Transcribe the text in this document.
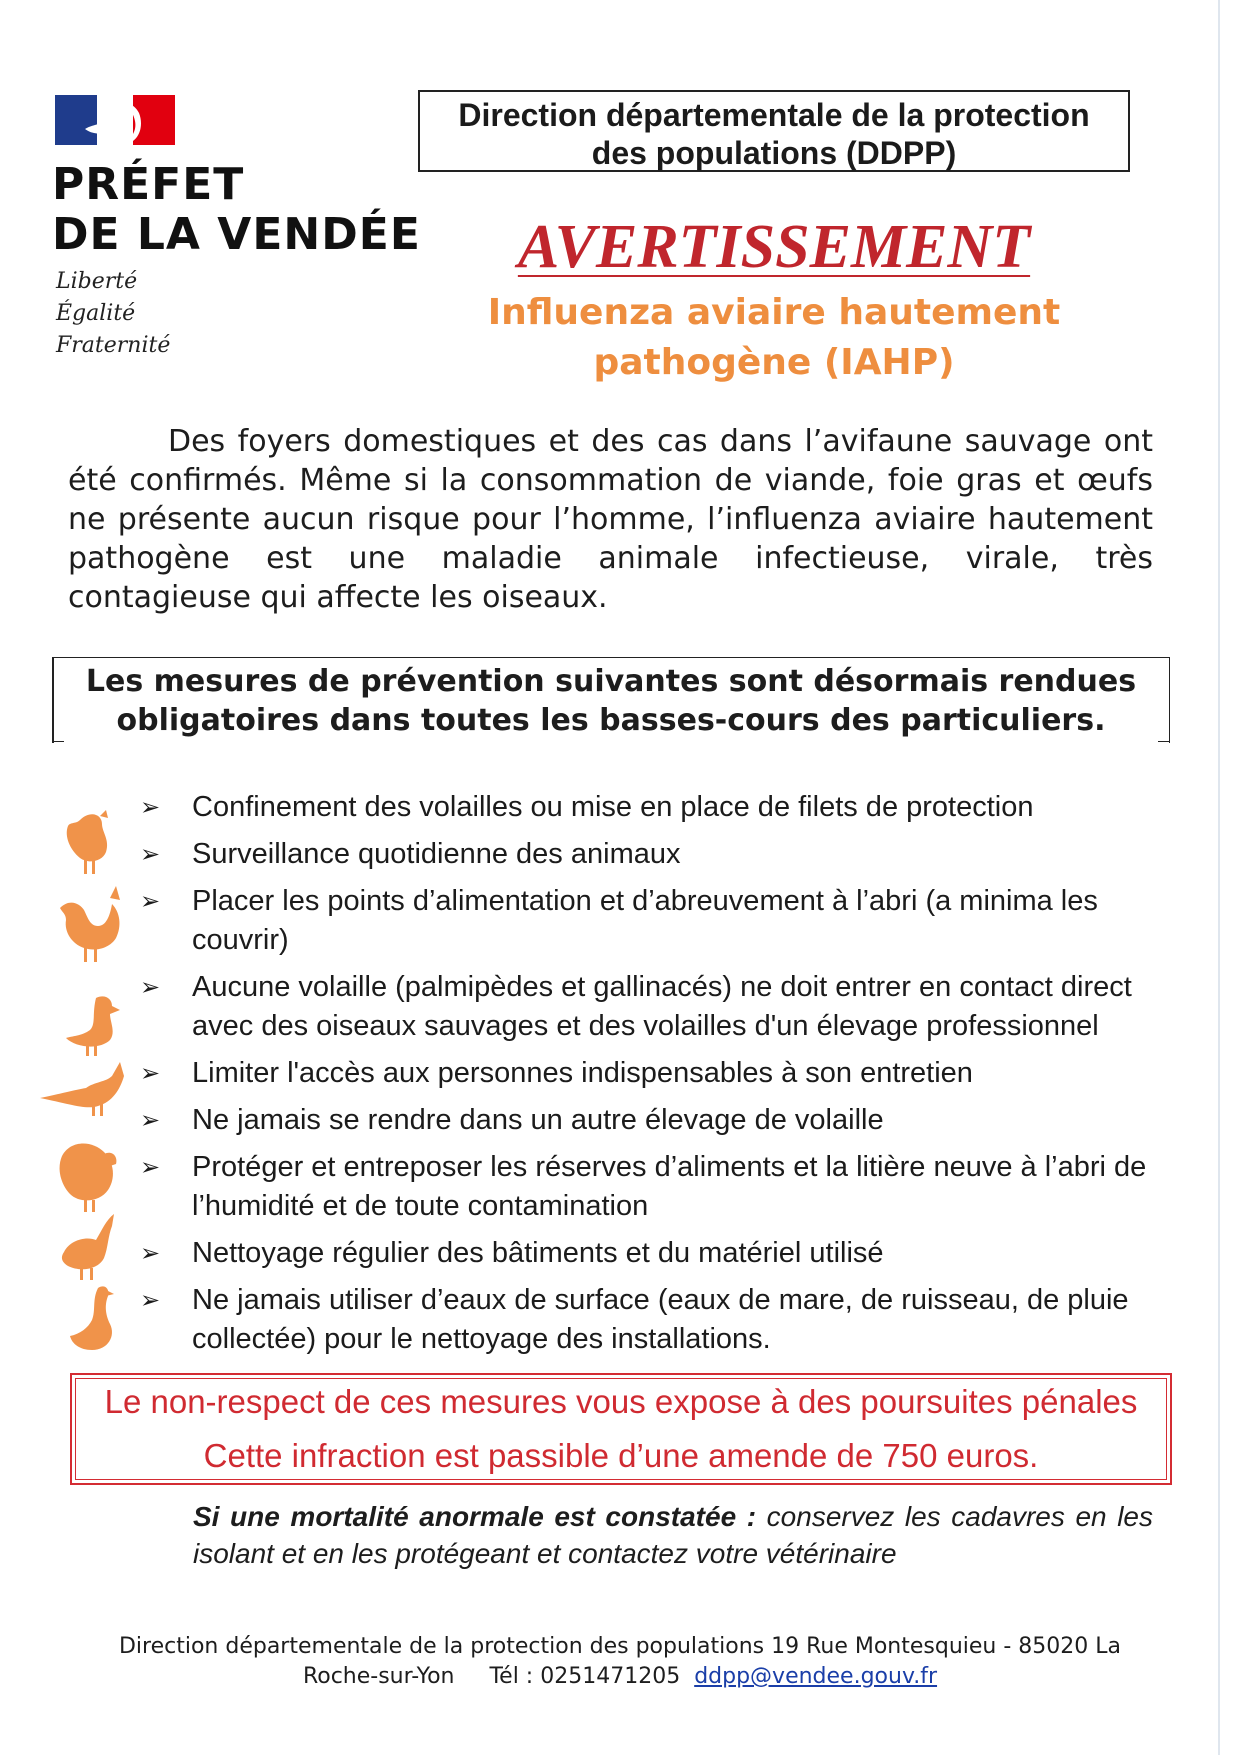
PRÉFET
DE LA VENDÉE
Liberté
Égalité
Fraternité
Direction départementale de la protection
des populations (DDPP)
AVERTISSEMENT
Influenza aviaire hautement
pathogène (IAHP)
Des foyers domestiques et des cas dans l’avifaune sauvage ont été confirmés. Même si la consommation de viande, foie gras et œufs ne présente aucun risque pour l’homme, l’influenza aviaire hautement pathogène est une maladie animale infectieuse, virale, très contagieuse qui affecte les oiseaux.
Les mesures de prévention suivantes sont désormais rendues
obligatoires dans toutes les basses-cours des particuliers.
➢ Confinement des volailles ou mise en place de filets de protection
➢ Surveillance quotidienne des animaux
➢ Placer les points d’alimentation et d’abreuvement à l’abri (a minima les couvrir)
➢ Aucune volaille (palmipèdes et gallinacés) ne doit entrer en contact direct avec des oiseaux sauvages et des volailles d'un élevage professionnel
➢ Limiter l'accès aux personnes indispensables à son entretien
➢ Ne jamais se rendre dans un autre élevage de volaille
➢ Protéger et entreposer les réserves d’aliments et la litière neuve à l’abri de l’humidité et de toute contamination
➢ Nettoyage régulier des bâtiments et du matériel utilisé
➢ Ne jamais utiliser d’eaux de surface (eaux de mare, de ruisseau, de pluie collectée) pour le nettoyage des installations.
Le non-respect de ces mesures vous expose à des poursuites pénales
Cette infraction est passible d’une amende de 750 euros.
Si une mortalité anormale est constatée : conservez les cadavres en les isolant et en les protégeant et contactez votre vétérinaire
Direction départementale de la protection des populations 19 Rue Montesquieu - 85020 La
Roche-sur-Yon Tél : 0251471205 ddpp@vendee.gouv.fr
